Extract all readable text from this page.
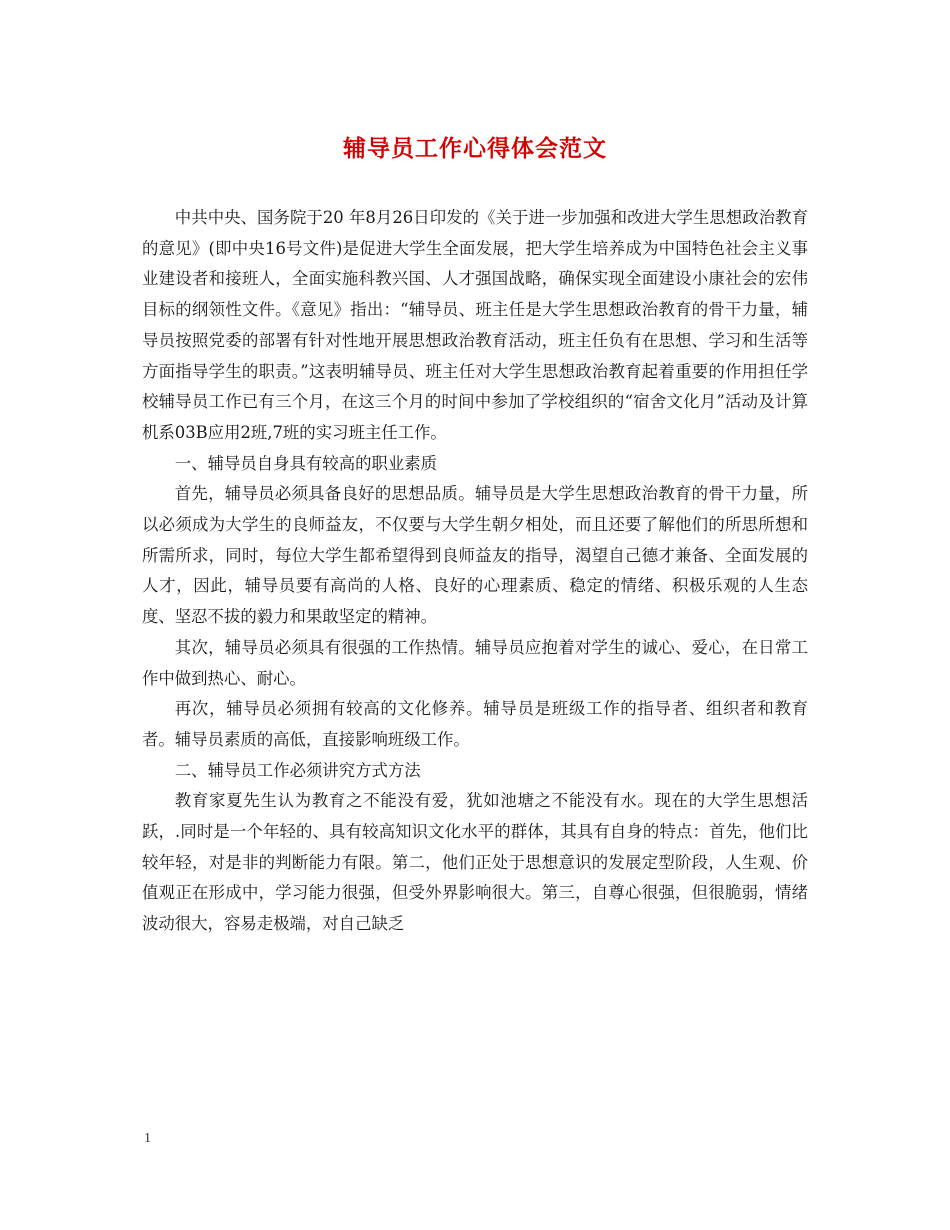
辅导员工作心得体会范文

中共中央、国务院于20 年8月26日印发的《关于进一步加强和改进大学生思想政治教育的意见》(即中央16号文件)是促进大学生全面发展，把大学生培养成为中国特色社会主义事业建设者和接班人，全面实施科教兴国、人才强国战略，确保实现全面建设小康社会的宏伟目标的纲领性文件。《意见》指出：“辅导员、班主任是大学生思想政治教育的骨干力量，辅导员按照党委的部署有针对性地开展思想政治教育活动，班主任负有在思想、学习和生活等方面指导学生的职责。”这表明辅导员、班主任对大学生思想政治教育起着重要的作用担任学校辅导员工作已有三个月，在这三个月的时间中参加了学校组织的“宿舍文化月”活动及计算机系03B应用2班,7班的实习班主任工作。

一、辅导员自身具有较高的职业素质

首先，辅导员必须具备良好的思想品质。辅导员是大学生思想政治教育的骨干力量，所以必须成为大学生的良师益友，不仅要与大学生朝夕相处，而且还要了解他们的所思所想和所需所求，同时，每位大学生都希望得到良师益友的指导，渴望自己德才兼备、全面发展的人才，因此，辅导员要有高尚的人格、良好的心理素质、稳定的情绪、积极乐观的人生态度、坚忍不拔的毅力和果敢坚定的精神。

其次，辅导员必须具有很强的工作热情。辅导员应抱着对学生的诚心、爱心，在日常工作中做到热心、耐心。

再次，辅导员必须拥有较高的文化修养。辅导员是班级工作的指导者、组织者和教育者。辅导员素质的高低，直接影响班级工作。

二、辅导员工作必须讲究方式方法

教育家夏先生认为教育之不能没有爱，犹如池塘之不能没有水。现在的大学生思想活跃，.同时是一个年轻的、具有较高知识文化水平的群体，其具有自身的特点：首先，他们比较年轻，对是非的判断能力有限。第二，他们正处于思想意识的发展定型阶段，人生观、价值观正在形成中，学习能力很强，但受外界影响很大。第三，自尊心很强，但很脆弱，情绪波动很大，容易走极端，对自己缺乏

1
